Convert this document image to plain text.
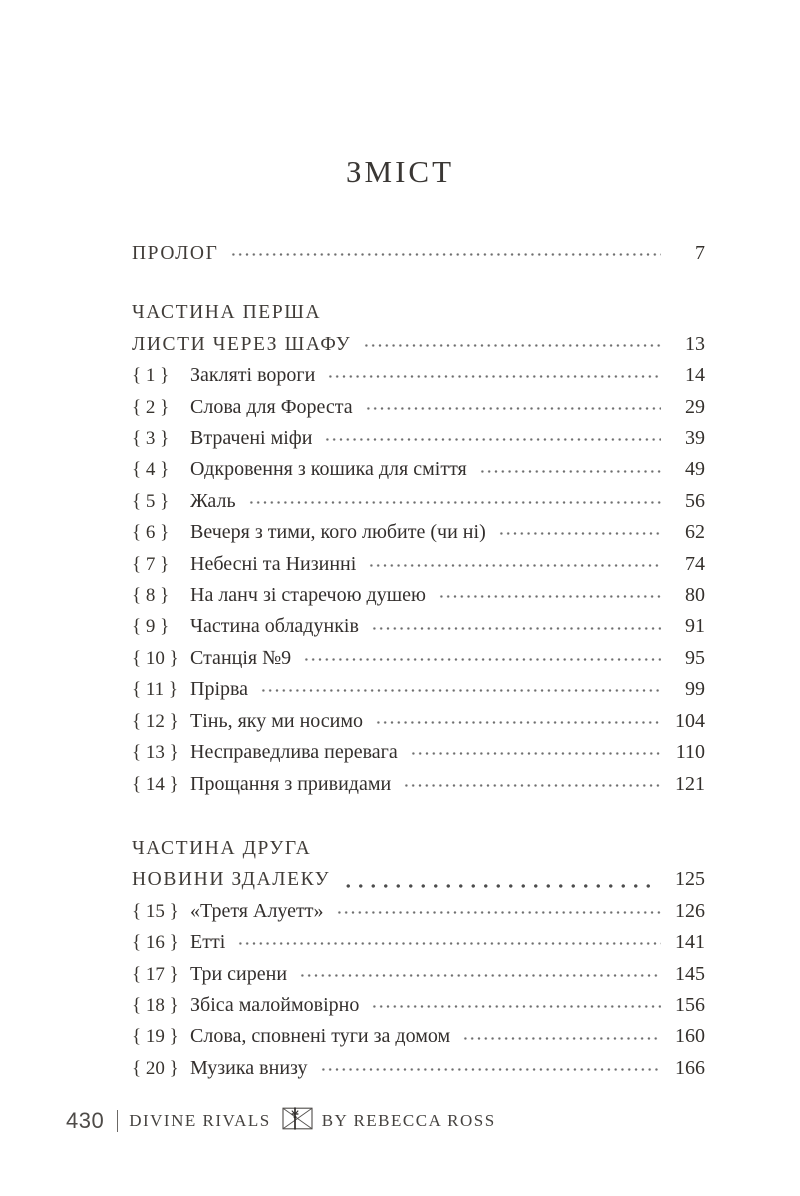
ЗМІСТ
ПРОЛОГ	7
ЧАСТИНА ПЕРША
ЛИСТИ ЧЕРЕЗ ШАФУ	13
{ 1 }	Закляті вороги	14
{ 2 }	Слова для Фореста	29
{ 3 }	Втрачені міфи	39
{ 4 }	Одкровення з кошика для сміття	49
{ 5 }	Жаль	56
{ 6 }	Вечеря з тими, кого любите (чи ні)	62
{ 7 }	Небесні та Низинні	74
{ 8 }	На ланч зі старечою душею	80
{ 9 }	Частина обладунків	91
{ 10 } Станція №9	95
{ 11 } Прірва	99
{ 12 } Тінь, яку ми носимо	104
{ 13 } Несправедлива перевага	110
{ 14 } Прощання з привидами	121
ЧАСТИНА ДРУГА
НОВИНИ ЗДАЛЕКУ	125
{ 15 } «Третя Алуетт»	126
{ 16 } Етті	141
{ 17 } Три сирени	145
{ 18 } Збіса малоймовірно	156
{ 19 } Слова, сповнені туги за домом	160
{ 20 } Музика внизу	166
430 DIVINE RIVALS	BY REBECCA ROSS
